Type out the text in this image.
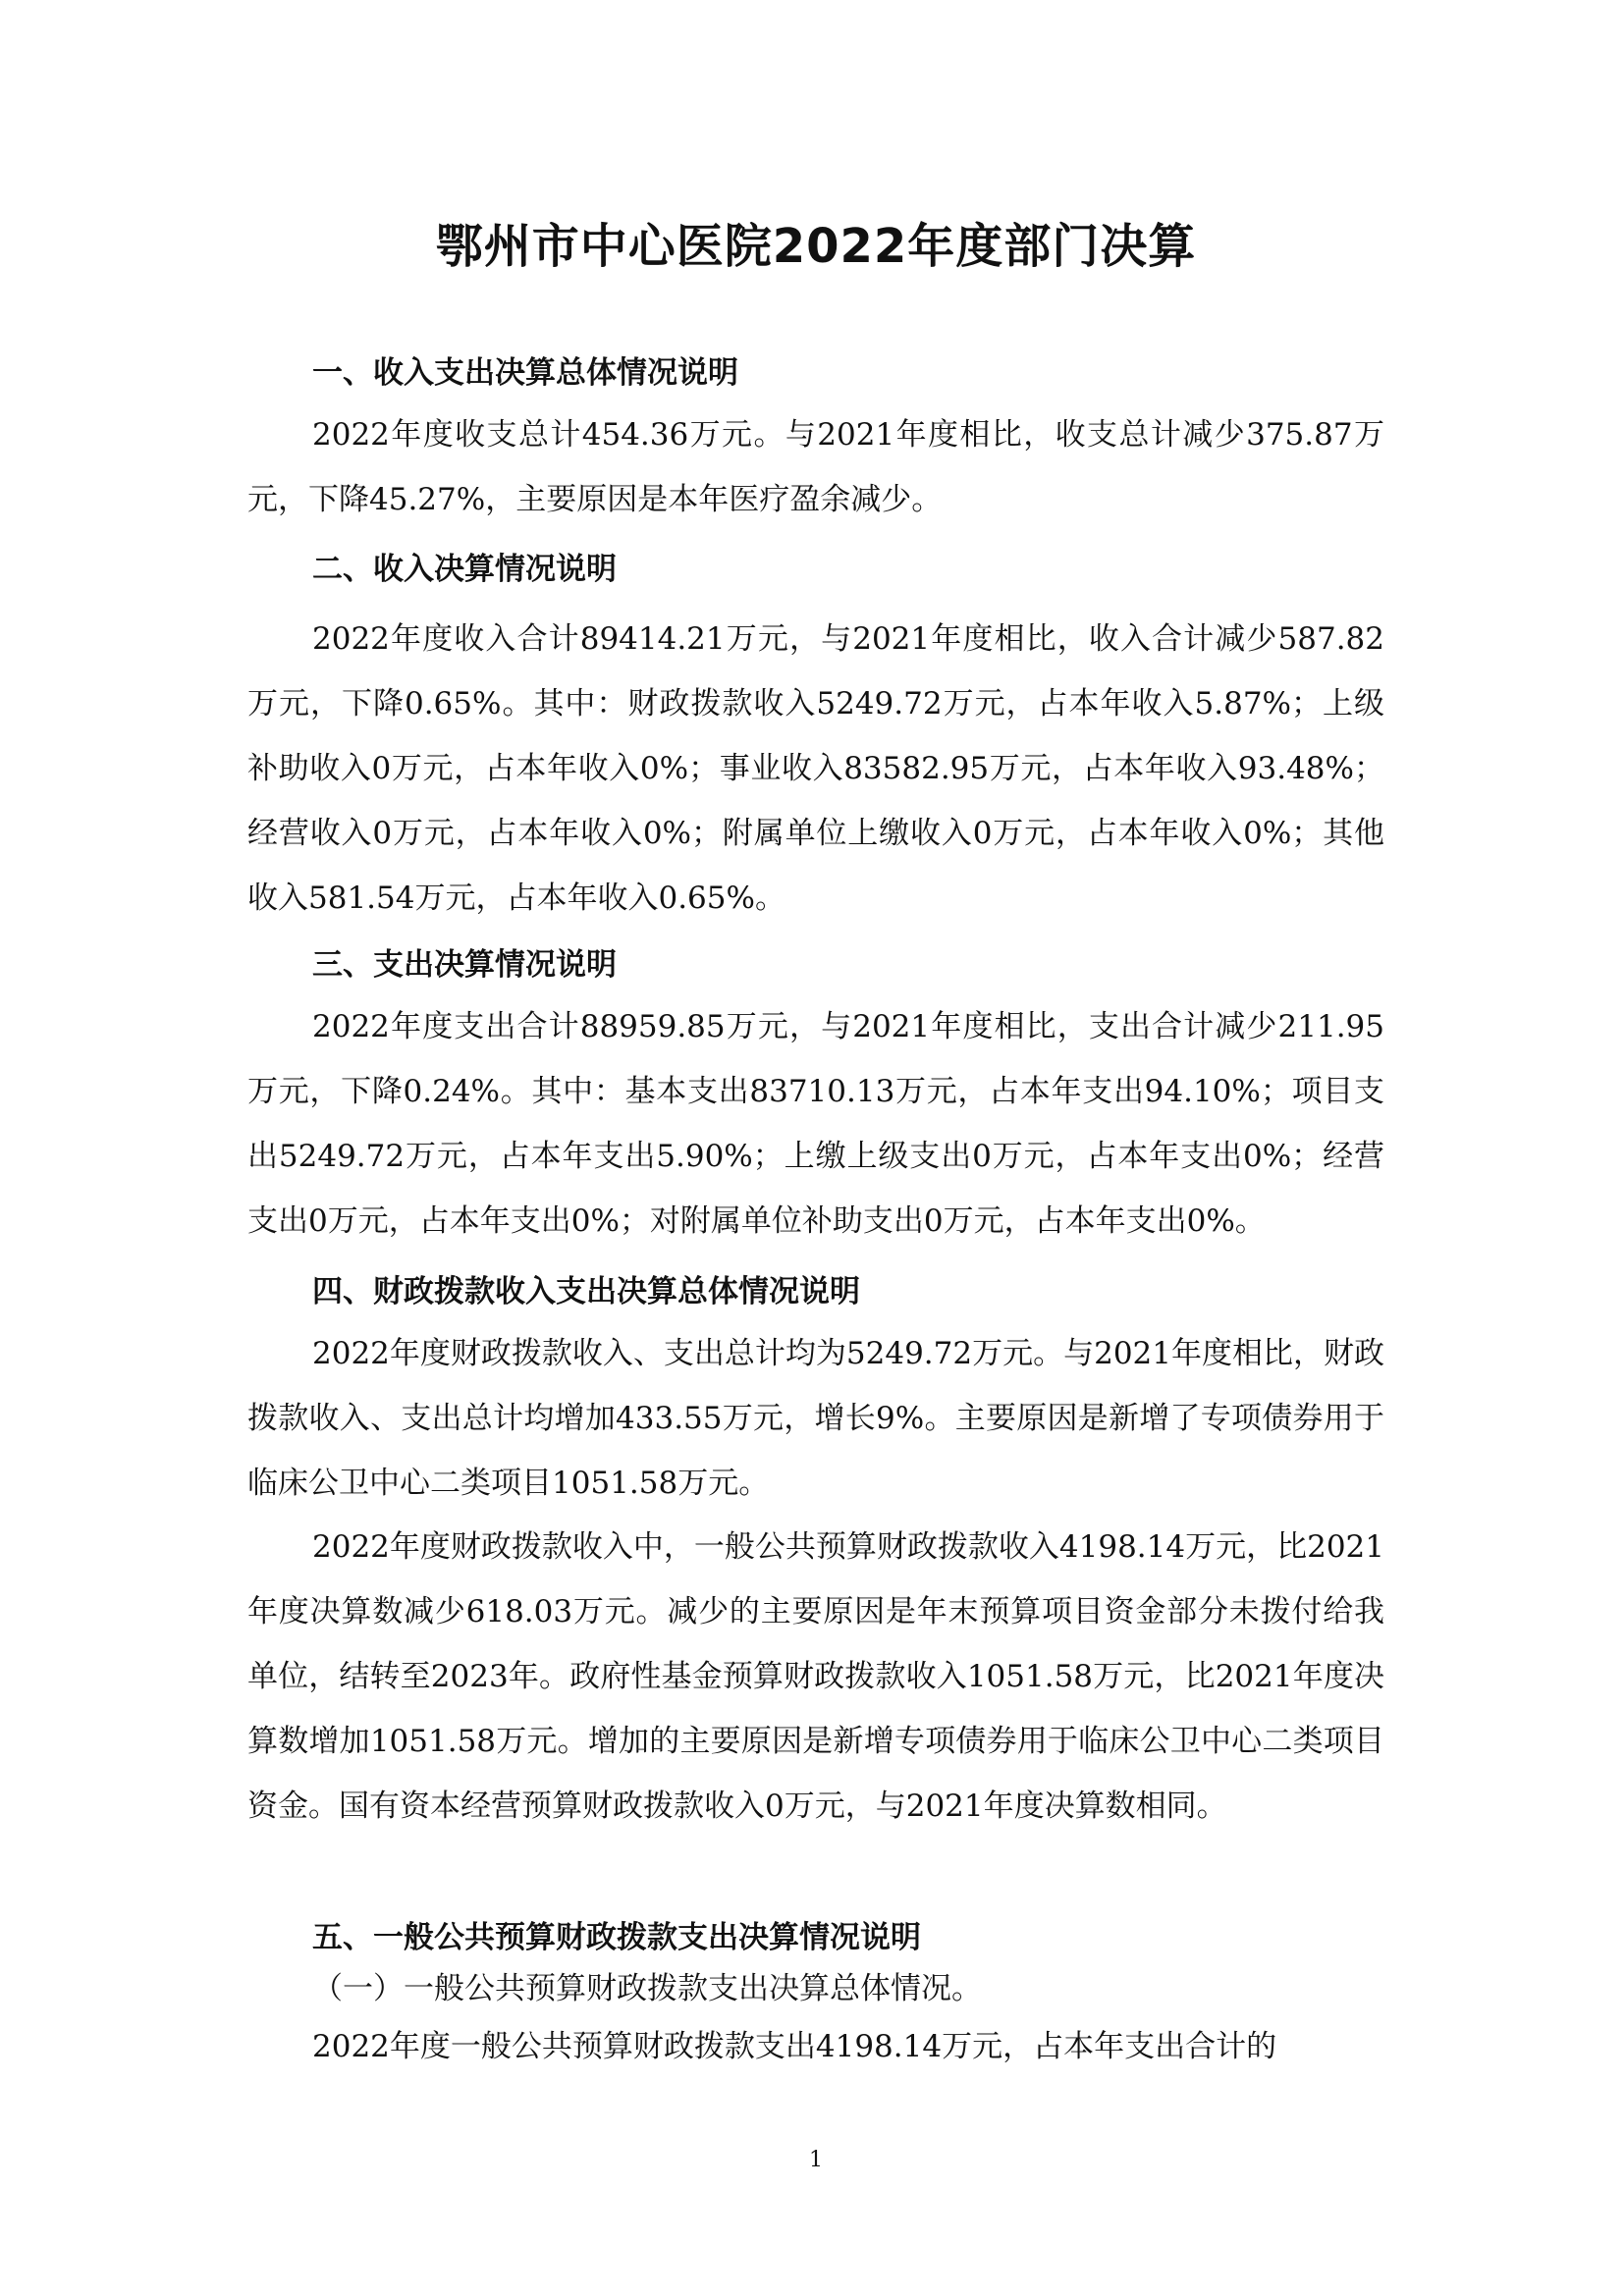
鄂州市中心医院2022年度部门决算
一、收入支出决算总体情况说明
2022年度收支总计454.36万元。与2021年度相比，收支总计减少375.87万元，下降45.27%，主要原因是本年医疗盈余减少。
二、收入决算情况说明
2022年度收入合计89414.21万元，与2021年度相比，收入合计减少587.82万元，下降0.65%。其中：财政拨款收入5249.72万元，占本年收入5.87%；上级补助收入0万元，占本年收入0%；事业收入83582.95万元，占本年收入93.48%；经营收入0万元，占本年收入0%；附属单位上缴收入0万元，占本年收入0%；其他收入581.54万元，占本年收入0.65%。
三、支出决算情况说明
2022年度支出合计88959.85万元，与2021年度相比，支出合计减少211.95万元，下降0.24%。其中：基本支出83710.13万元，占本年支出94.10%；项目支出5249.72万元，占本年支出5.90%；上缴上级支出0万元，占本年支出0%；经营支出0万元，占本年支出0%；对附属单位补助支出0万元，占本年支出0%。
四、财政拨款收入支出决算总体情况说明
2022年度财政拨款收入、支出总计均为5249.72万元。与2021年度相比，财政拨款收入、支出总计均增加433.55万元，增长9%。主要原因是新增了专项债券用于临床公卫中心二类项目1051.58万元。
2022年度财政拨款收入中，一般公共预算财政拨款收入4198.14万元，比2021年度决算数减少618.03万元。减少的主要原因是年末预算项目资金部分未拨付给我单位，结转至2023年。政府性基金预算财政拨款收入1051.58万元，比2021年度决算数增加1051.58万元。增加的主要原因是新增专项债券用于临床公卫中心二类项目资金。国有资本经营预算财政拨款收入0万元，与2021年度决算数相同。
五、一般公共预算财政拨款支出决算情况说明
（一）一般公共预算财政拨款支出决算总体情况。
2022年度一般公共预算财政拨款支出4198.14万元，占本年支出合计的
1
